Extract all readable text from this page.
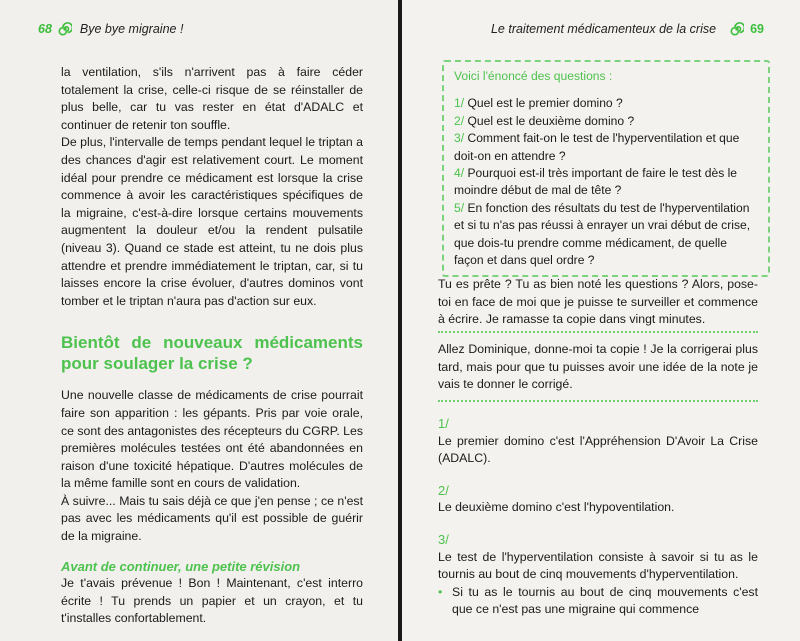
68 Bye bye migraine !

la ventilation, s'ils n'arrivent pas à faire céder totalement la crise, celle-ci risque de se réinstaller de plus belle, car tu vas rester en état d'ADALC et continuer de retenir ton souffle.

De plus, l'intervalle de temps pendant lequel le triptan a des chances d'agir est relativement court. Le moment idéal pour prendre ce médicament est lorsque la crise commence à avoir les caractéristiques spécifiques de la migraine, c'est-à-dire lorsque certains mouvements augmentent la douleur et/ou la rendent pulsatile (niveau 3). Quand ce stade est atteint, tu ne dois plus attendre et prendre immédiatement le triptan, car, si tu laisses encore la crise évoluer, d'autres dominos vont tomber et le triptan n'aura pas d'action sur eux.

Bientôt de nouveaux médicaments pour soulager la crise ?

Une nouvelle classe de médicaments de crise pourrait faire son apparition : les gépants. Pris par voie orale, ce sont des antagonistes des récepteurs du CGRP. Les premières molécules testées ont été abandonnées en raison d'une toxicité hépatique. D'autres molécules de la même famille sont en cours de validation.

À suivre... Mais tu sais déjà ce que j'en pense ; ce n'est pas avec les médicaments qu'il est possible de guérir de la migraine.

Avant de continuer, une petite révision

Je t'avais prévenue ! Bon ! Maintenant, c'est interro écrite ! Tu prends un papier et un crayon, et tu t'installes confortablement.

Le traitement médicamenteux de la crise	69
Voici l'énoncé des questions :
1/ Quel est le premier domino ?
2/ Quel est le deuxième domino ?
3/ Comment fait-on le test de l'hyperventilation et que doit-on en attendre ?
4/ Pourquoi est-il très important de faire le test dès le moindre début de mal de tête ?
5/ En fonction des résultats du test de l'hyperventilation et si tu n'as pas réussi à enrayer un vrai début de crise, que dois-tu prendre comme médicament, de quelle façon et dans quel ordre ?

Tu es prête ? Tu as bien noté les questions ? Alors, pose-toi en face de moi que je puisse te surveiller et commence à écrire. Je ramasse ta copie dans vingt minutes.

Allez Dominique, donne-moi ta copie ! Je la corrigerai plus tard, mais pour que tu puisses avoir une idée de la note je vais te donner le corrigé.

1/

Le premier domino c'est l'Appréhension D'Avoir La Crise (ADALC).

2/

Le deuxième domino c'est l'hypoventilation.

3/

Le test de l'hyperventilation consiste à savoir si tu as le tournis au bout de cinq mouvements d'hyperventilation.

• Si tu as le tournis au bout de cinq mouvements c'est que ce n'est pas une migraine qui commence
